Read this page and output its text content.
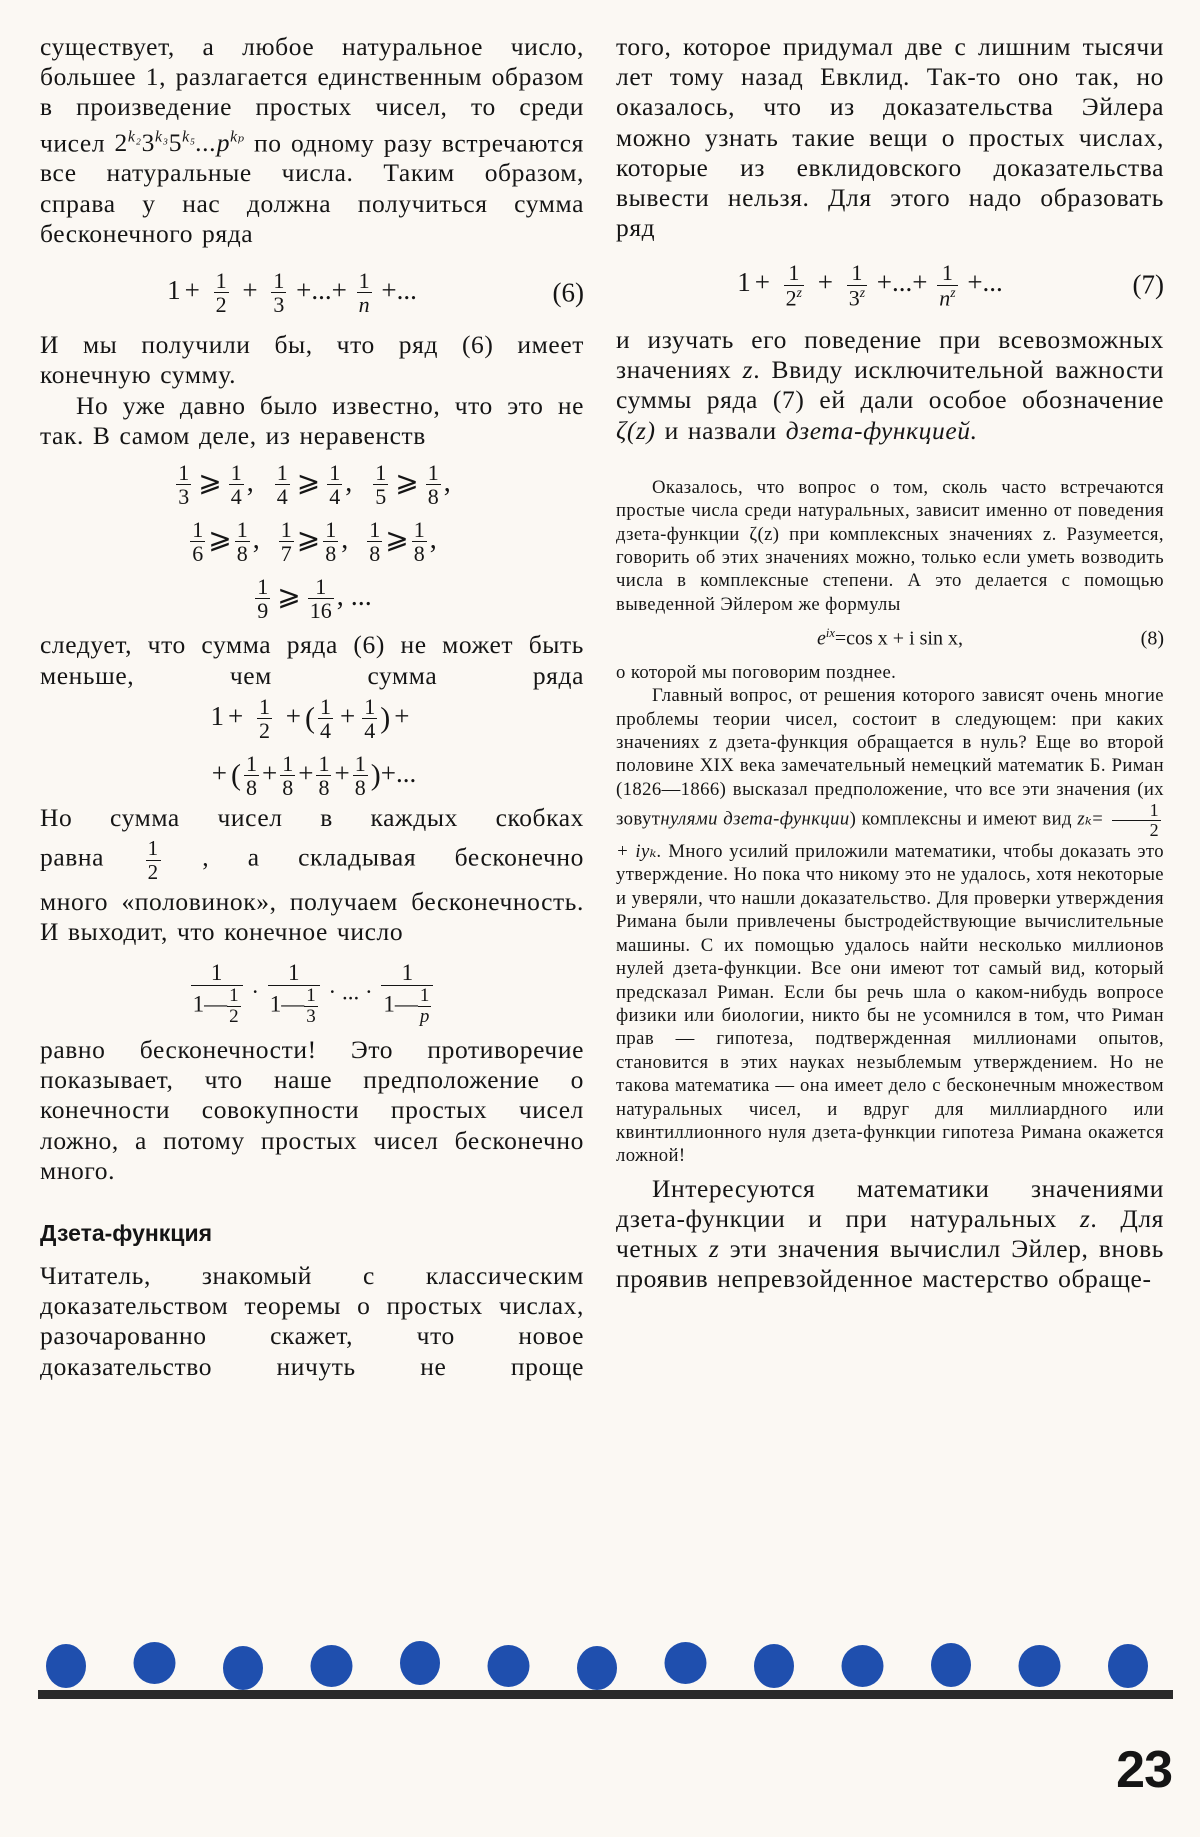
существует, а любое натуральное число, большее 1, разлагается единственным образом в произведение простых чисел, то среди чисел $2^{k_2}3^{k_3}5^{k_5}...p^{k_p}$ по одному разу встречаются все натуральные числа. Таким образом, справа у нас должна получиться сумма бесконечного ряда

$1 + \frac{1}{2} + \frac{1}{3}$ +...+ $\frac{1}{n}$ +...	(6)

И мы получили бы, что ряд (6) имеет конечную сумму.

Но уже давно было известно, что это не так. В самом деле, из неравенств

$\frac{1}{3}$ ⩾ $\frac{1}{4}$ , $\frac{1}{4}$ ⩾ $\frac{1}{4}$ , $\frac{1}{5}$ ⩾ $\frac{1}{8}$ ,
$\frac{1}{6}$ ⩾ $\frac{1}{8}$ , $\frac{1}{7}$ ⩾ $\frac{1}{8}$ , $\frac{1}{8}$ ⩾ $\frac{1}{8}$ ,
$\frac{1}{9}$ ⩾ $\frac{1}{16}$ , ...

следует, что сумма ряда (6) не может быть меньше, чем сумма ряда

$1 + \frac{1}{2}$ + ( $\frac{1}{4} + \frac{1}{4}$ ) +
+ ( $\frac{1}{8} + \frac{1}{8} + \frac{1}{8} + \frac{1}{8}$ )+...

Но сумма чисел в каждых скобках

равна $\frac{1}{2}$ , а складывая бесконечно

много «половинок», получаем бесконечность. И выходит, что конечное число

$\frac{1}{1— \frac{1}{2}} \cdot \frac{1}{1— \frac{1}{3}}$ · ... · $\frac{1}{1— \frac{1}{p}}$

равно бесконечности! Это противоречие показывает, что наше предположение о конечности совокупности простых чисел ложно, а потому простых чисел бесконечно много.

Дзета-функция

Читатель, знакомый с классическим доказательством теоремы о простых числах, разочарованно скажет, что новое доказательство ничуть не проще

того, которое придумал две с лишним тысячи лет тому назад Евклид. Так-то оно так, но оказалось, что из доказательства Эйлера можно узнать такие вещи о простых числах, которые из евклидовского доказательства вывести нельзя. Для этого надо образовать ряд

$1 + \frac{1}{2^z} + \frac{1}{3^z}$ +...+ $\frac{1}{n^z}$ +...	(7)

и изучать его поведение при всевозможных значениях z. Ввиду исключительной важности суммы ряда (7) ей дали особое обозначение ζ(z) и назвали дзета-функцией.

Оказалось, что вопрос о том, сколь часто встречаются простые числа среди натуральных, зависит именно от поведения дзета-функции ζ(z) при комплексных значениях z. Разумеется, говорить об этих значениях можно, только если уметь возводить числа в комплексные степени. А это делается с помощью выведенной Эйлером же формулы

$e^{ix}=\cos$ x + i sin x,	(8)

о которой мы поговорим позднее.

Главный вопрос, от решения которого зависят очень многие проблемы теории чисел, состоит в следующем: при каких значениях z дзета-функция обращается в нуль? Еще во второй половине XIX века замечательный немецкий математик Б. Риман (1826—1866) высказал предположение, что все эти значения (их зовутнулями дзета-функции) комплексны и имеют вид $z_k= \frac{1}{2}$
+ iyₖ. Много усилий приложили математики, чтобы доказать это утверждение. Но пока что никому это не удалось, хотя некоторые и уверяли, что нашли доказательство. Для проверки утверждения Римана были привлечены быстродействующие вычислительные машины. С их помощью удалось найти несколько миллионов нулей дзета-функции. Все они имеют тот самый вид, который предсказал Риман. Если бы речь шла о каком-нибудь вопросе физики или биологии, никто бы не усомнился в том, что Риман прав — гипотеза, подтвержденная миллионами опытов, становится в этих науках незыблемым утверждением. Но не такова математика — она имеет дело с бесконечным множеством натуральных чисел, и вдруг для миллиардного или квинтиллионного нуля дзета-функции гипотеза Римана окажется ложной!

Интересуются математики значениями дзета-функции и при натуральных z. Для четных z эти значения вычислил Эйлер, вновь проявив непревзойденное мастерство обраще-

23
